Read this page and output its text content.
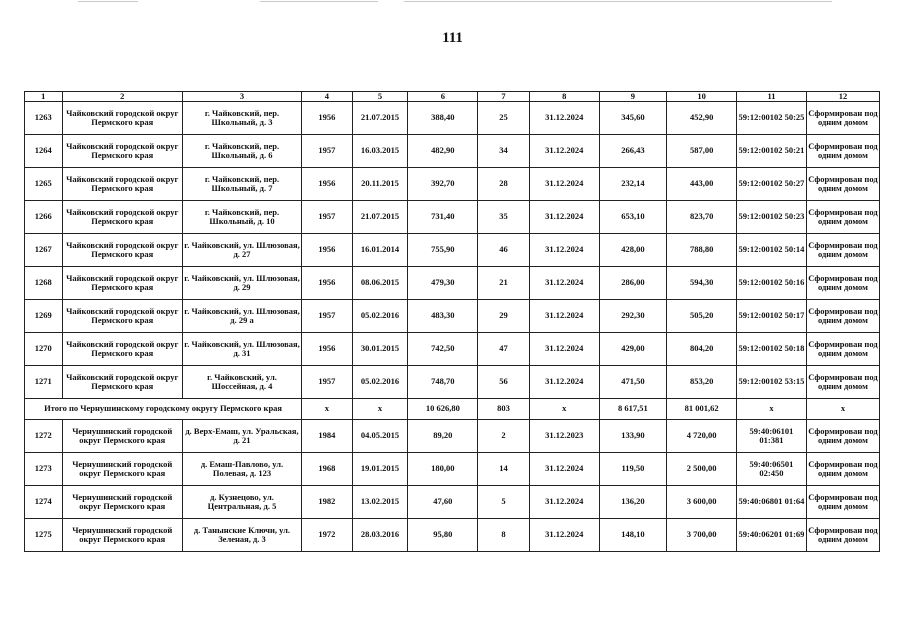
111
1	2	3	4	5	6	7	8	9	10	11	12
1263	Чайковский городской округ Пермского края	г. Чайковский, пер. Школьный, д. 3	1956	21.07.2015	388,40	25	31.12.2024	345,60	452,90	59:12:00102 50:25	Сформирован под одним домом
1264	Чайковский городской округ Пермского края	г. Чайковский, пер. Школьный, д. 6	1957	16.03.2015	482,90	34	31.12.2024	266,43	587,00	59:12:00102 50:21	Сформирован под одним домом
1265	Чайковский городской округ Пермского края	г. Чайковский, пер. Школьный, д. 7	1956	20.11.2015	392,70	28	31.12.2024	232,14	443,00	59:12:00102 50:27	Сформирован под одним домом
1266	Чайковский городской округ Пермского края	г. Чайковский, пер. Школьный, д. 10	1957	21.07.2015	731,40	35	31.12.2024	653,10	823,70	59:12:00102 50:23	Сформирован под одним домом
1267	Чайковский городской округ Пермского края	г. Чайковский, ул. Шлюзовая, д. 27	1956	16.01.2014	755,90	46	31.12.2024	428,00	788,80	59:12:00102 50:14	Сформирован под одним домом
1268	Чайковский городской округ Пермского края	г. Чайковский, ул. Шлюзовая, д. 29	1956	08.06.2015	479,30	21	31.12.2024	286,00	594,30	59:12:00102 50:16	Сформирован под одним домом
1269	Чайковский городской округ Пермского края	г. Чайковский, ул. Шлюзовая, д. 29 а	1957	05.02.2016	483,30	29	31.12.2024	292,30	505,20	59:12:00102 50:17	Сформирован под одним домом
1270	Чайковский городской округ Пермского края	г. Чайковский, ул. Шлюзовая, д. 31	1956	30.01.2015	742,50	47	31.12.2024	429,00	804,20	59:12:00102 50:18	Сформирован под одним домом
1271	Чайковский городской округ Пермского края	г. Чайковский, ул. Шоссейная, д. 4	1957	05.02.2016	748,70	56	31.12.2024	471,50	853,20	59:12:00102 53:15	Сформирован под одним домом
Итого по Чернушинскому городскому округу Пермского края			x	x	10 626,80	803	x	8 617,51	81 001,62	x	x
1272	Чернушинский городской округ Пермского края	д. Верх-Емаш, ул. Уральская, д. 21	1984	04.05.2015	89,20	2	31.12.2023	133,90	4 720,00	59:40:06101 01:381	Сформирован под одним домом
1273	Чернушинский городской округ Пермского края	д. Емаш-Павлово, ул. Полевая, д. 123	1968	19.01.2015	180,00	14	31.12.2024	119,50	2 500,00	59:40:06501 02:450	Сформирован под одним домом
1274	Чернушинский городской округ Пермского края	д. Кузнецово, ул. Центральная, д. 5	1982	13.02.2015	47,60	5	31.12.2024	136,20	3 600,00	59:40:06801 01:64	Сформирован под одним домом
1275	Чернушинский городской округ Пермского края	д. Танынские Ключи, ул. Зеленая, д. 3	1972	28.03.2016	95,80	8	31.12.2024	148,10	3 700,00	59:40:06201 01:69	Сформирован под одним домом
